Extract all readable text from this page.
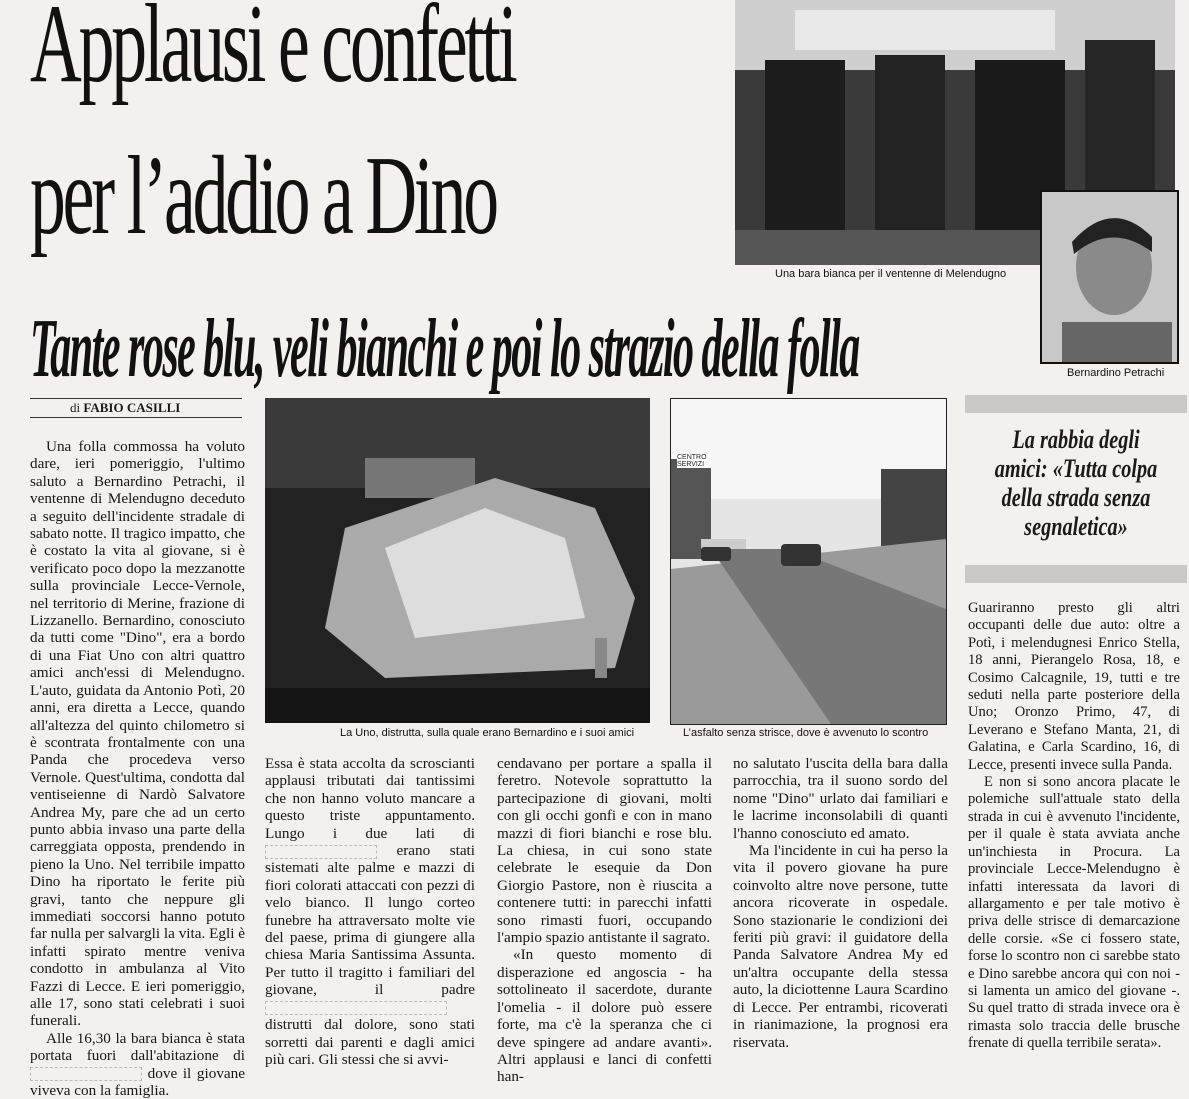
Applausi e confetti
per l’addio a Dino
Tante rose blu, veli bianchi e poi lo strazio della folla
Una bara bianca per il ventenne di Melendugno
Bernardino Petrachi
di FABIO CASILLI
La Uno, distrutta, sulla quale erano Bernardino e i suoi amici
CENTRO SERVIZI
L’asfalto senza strisce, dove è avvenuto lo scontro
La rabbia degli amici: «Tutta colpa della strada senza segnaletica»

Guariranno presto gli altri occupanti delle due auto: oltre a Potì, i melendugnesi Enrico Stella, 18 anni, Pierangelo Rosa, 18, e Cosimo Calcagnile, 19, tutti e tre seduti nella parte posteriore della Uno; Oronzo Primo, 47, di Leverano e Stefano Manta, 21, di Galatina, e Carla Scardino, 16, di Lecce, presenti invece sulla Panda.

E non si sono ancora placate le polemiche sull'attuale stato della strada in cui è avvenuto l'incidente, per il quale è stata avviata anche un'inchiesta in Procura. La provinciale Lecce-Melendugno è infatti interessata da lavori di allargamento e per tale motivo è priva delle strisce di demarcazione delle corsie. «Se ci fossero state, forse lo scontro non ci sarebbe stato e Dino sarebbe ancora qui con noi - si lamenta un amico del giovane -. Su quel tratto di strada invece ora è rimasta solo traccia delle brusche frenate di quella terribile serata».

Una folla commossa ha voluto dare, ieri pomeriggio, l'ultimo saluto a Bernardino Petrachi, il ventenne di Melendugno deceduto a seguito dell'incidente stradale di sabato notte. Il tragico impatto, che è costato la vita al giovane, si è verificato poco dopo la mezzanotte sulla provinciale Lecce-Vernole, nel territorio di Merine, frazione di Lizzanello. Bernardino, conosciuto da tutti come "Dino", era a bordo di una Fiat Uno con altri quattro amici anch'essi di Melendugno. L'auto, guidata da Antonio Potì, 20 anni, era diretta a Lecce, quando all'altezza del quinto chilometro si è scontrata frontalmente con una Panda che procedeva verso Vernole. Quest'ultima, condotta dal ventiseienne di Nardò Salvatore Andrea My, pare che ad un certo punto abbia invaso una parte della carreggiata opposta, prendendo in pieno la Uno. Nel terribile impatto Dino ha riportato le ferite più gravi, tanto che neppure gli immediati soccorsi hanno potuto far nulla per salvargli la vita. Egli è infatti spirato mentre veniva condotto in ambulanza al Vito Fazzi di Lecce. E ieri pomeriggio, alle 17, sono stati celebrati i suoi funerali.

Alle 16,30 la bara bianca è stata portata fuori dall'abitazione di  dove il giovane viveva con la famiglia.

Essa è stata accolta da scroscianti applausi tributati dai tantissimi che non hanno voluto mancare a questo triste appuntamento. Lungo i due lati di  erano stati sistemati alte palme e mazzi di fiori colorati attaccati con pezzi di velo bianco. Il lungo corteo funebre ha attraversato molte vie del paese, prima di giungere alla chiesa Maria Santissima Assunta. Per tutto il tragitto i familiari del giovane, il padre  distrutti dal dolore, sono stati sorretti dai parenti e dagli amici più cari. Gli stessi che si avvi-

cendavano per portare a spalla il feretro. Notevole soprattutto la partecipazione di giovani, molti con gli occhi gonfi e con in mano mazzi di fiori bianchi e rose blu. La chiesa, in cui sono state celebrate le esequie da Don Giorgio Pastore, non è riuscita a contenere tutti: in parecchi infatti sono rimasti fuori, occupando l'ampio spazio antistante il sagrato.

«In questo momento di disperazione ed angoscia - ha sottolineato il sacerdote, durante l'omelia - il dolore può essere forte, ma c'è la speranza che ci deve spingere ad andare avanti». Altri applausi e lanci di confetti han-

no salutato l'uscita della bara dalla parrocchia, tra il suono sordo del nome "Dino" urlato dai familiari e le lacrime inconsolabili di quanti l'hanno conosciuto ed amato.

Ma l'incidente in cui ha perso la vita il povero giovane ha pure coinvolto altre nove persone, tutte ancora ricoverate in ospedale. Sono stazionarie le condizioni dei feriti più gravi: il guidatore della Panda Salvatore Andrea My ed un'altra occupante della stessa auto, la diciottenne Laura Scardino di Lecce. Per entrambi, ricoverati in rianimazione, la prognosi era riservata.
